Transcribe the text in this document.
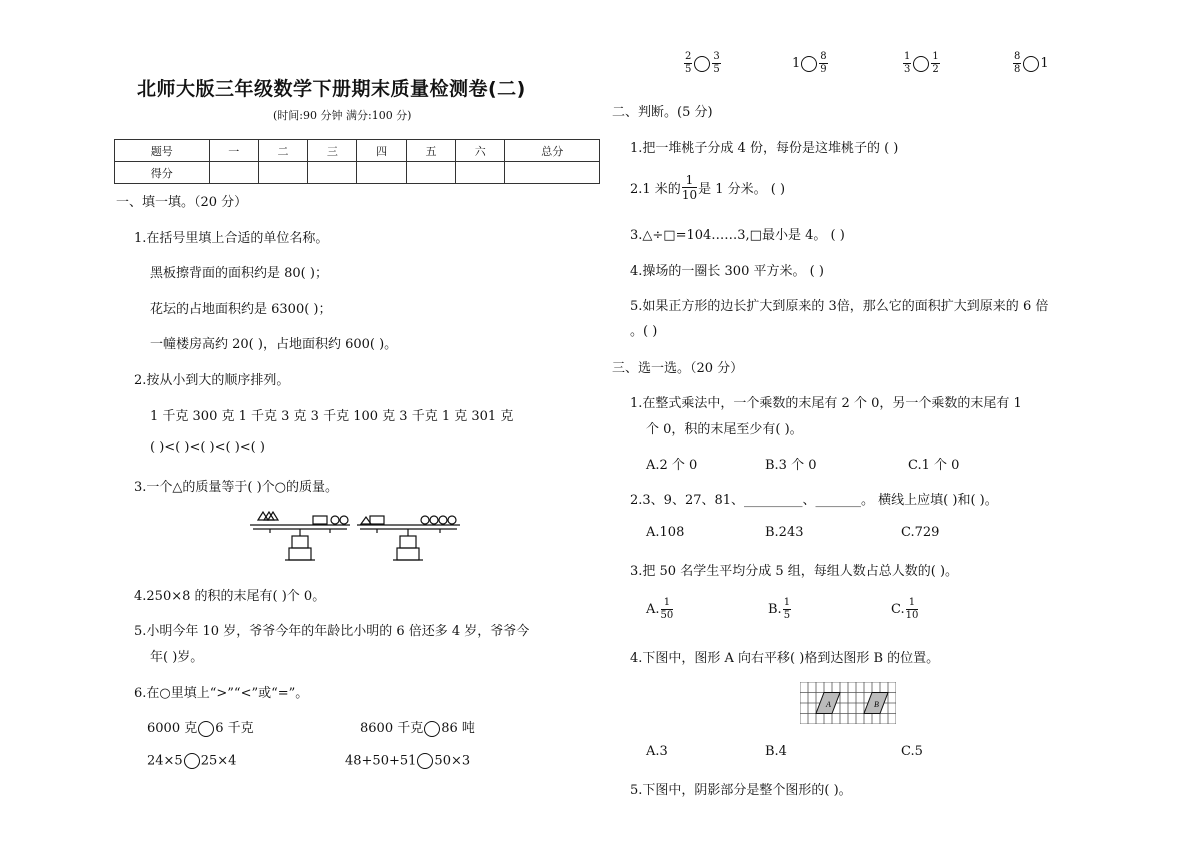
北师大版三年级数学下册期末质量检测卷(二)
(时间:90 分钟 满分:100 分)
题号	一	二	三	四	五	六	总分
得分							
一、填一填。（20 分）
1.在括号里填上合适的单位名称。
黑板擦背面的面积约是 80( )；
花坛的占地面积约是 6300( )；
一幢楼房高约 20( )，占地面积约 600( )。
2.按从小到大的顺序排列。
1 千克 300 克 1 千克 3 克 3 千克 100 克 3 千克 1 克 301 克
( )<( )<( )<( )<( )
3.一个△的质量等于( )个○的质量。
4.250×8 的积的末尾有( )个 0。
5.小明今年 10 岁，爷爷今年的年龄比小明的 6 倍还多 4 岁，爷爷今
年( )岁。
6.在○里填上“>”“<”或“=”。
6000 克 6 千克	8600 千克 86 吨
24×5 25×4	48+50+51 50×3
$\frac{2}{5} \frac{3}{5}$	$1 \frac{8}{9}$	$\frac{1}{3} \frac{1}{2}$	$\frac{8}{8} 1$
二、判断。(5 分)
1.把一堆桃子分成 4 份，每份是这堆桃子的 ( )
2.1 米的 $\frac{1}{10}$ 是 1 分米。 ( )
3.△÷□=104……3,□最小是 4。 ( )
4.操场的一圈长 300 平方米。 ( )
5.如果正方形的边长扩大到原来的 3倍，那么它的面积扩大到原来的 6 倍
。( )
三、选一选。（20 分）
1.在整式乘法中，一个乘数的末尾有 2 个 0，另一个乘数的末尾有 1
个 0，积的末尾至少有( )。
A.2 个 0	B.3 个 0	C.1 个 0
2.3、9、27、81、_________、_______。 横线上应填( )和( )。
A.108	B.243	C.729
3.把 50 名学生平均分成 5 组，每组人数占总人数的( )。
A. $\frac{1}{50}$	B. $\frac{1}{5}$	C. $\frac{1}{10}$
4.下图中，图形 A 向右平移( )格到达图形 B 的位置。
A	B
A.3	B.4	C.5
5.下图中，阴影部分是整个图形的( )。
